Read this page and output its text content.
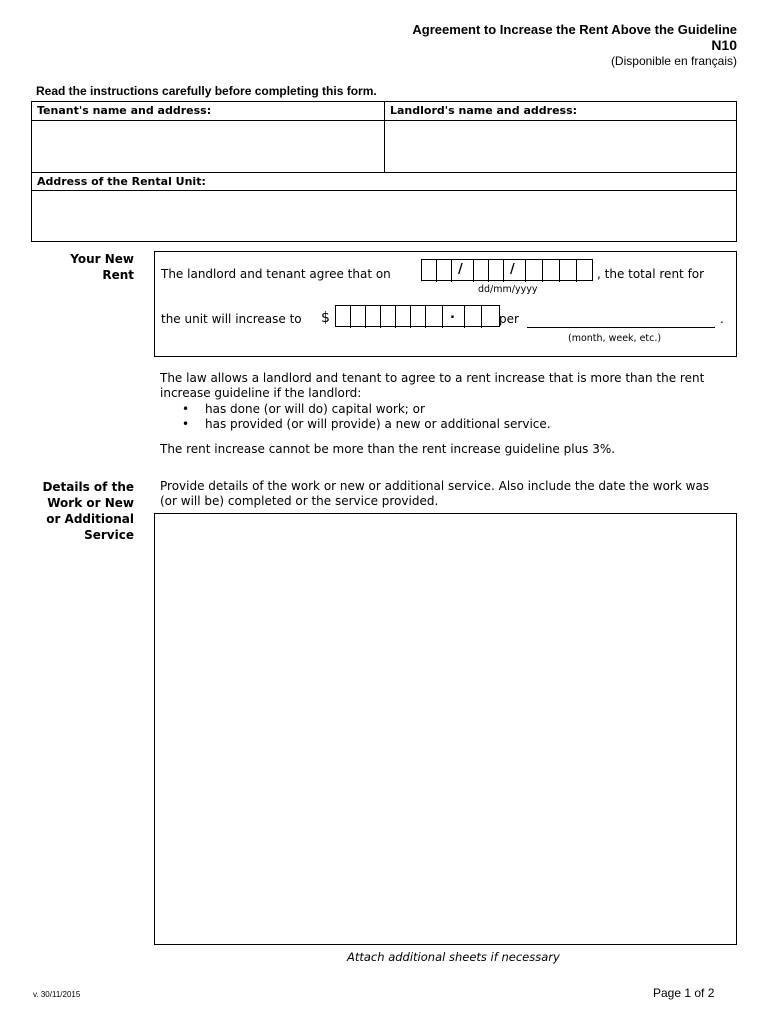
Agreement to Increase the Rent Above the Guideline
N10
(Disponible en français)
Read the instructions carefully before completing this form.
Tenant's name and address:	Landlord's name and address:
Address of the Rental Unit:
Your New
Rent The landlord and tenant agree that on	/	/
dd/mm/yyyy
, the total rent for
the unit will increase to $	.	per	.
(month, week, etc.)
The law allows a landlord and tenant to agree to a rent increase that is more than the rent increase guideline if the landlord:
• has done (or will do) capital work; or
• has provided (or will provide) a new or additional service.
The rent increase cannot be more than the rent increase guideline plus 3%.
Details of the
Work or New
or Additional
Service
Provide details of the work or new or additional service. Also include the date the work was (or will be) completed or the service provided.
Attach additional sheets if necessary
v. 30/11/2015	Page 1 of 2
